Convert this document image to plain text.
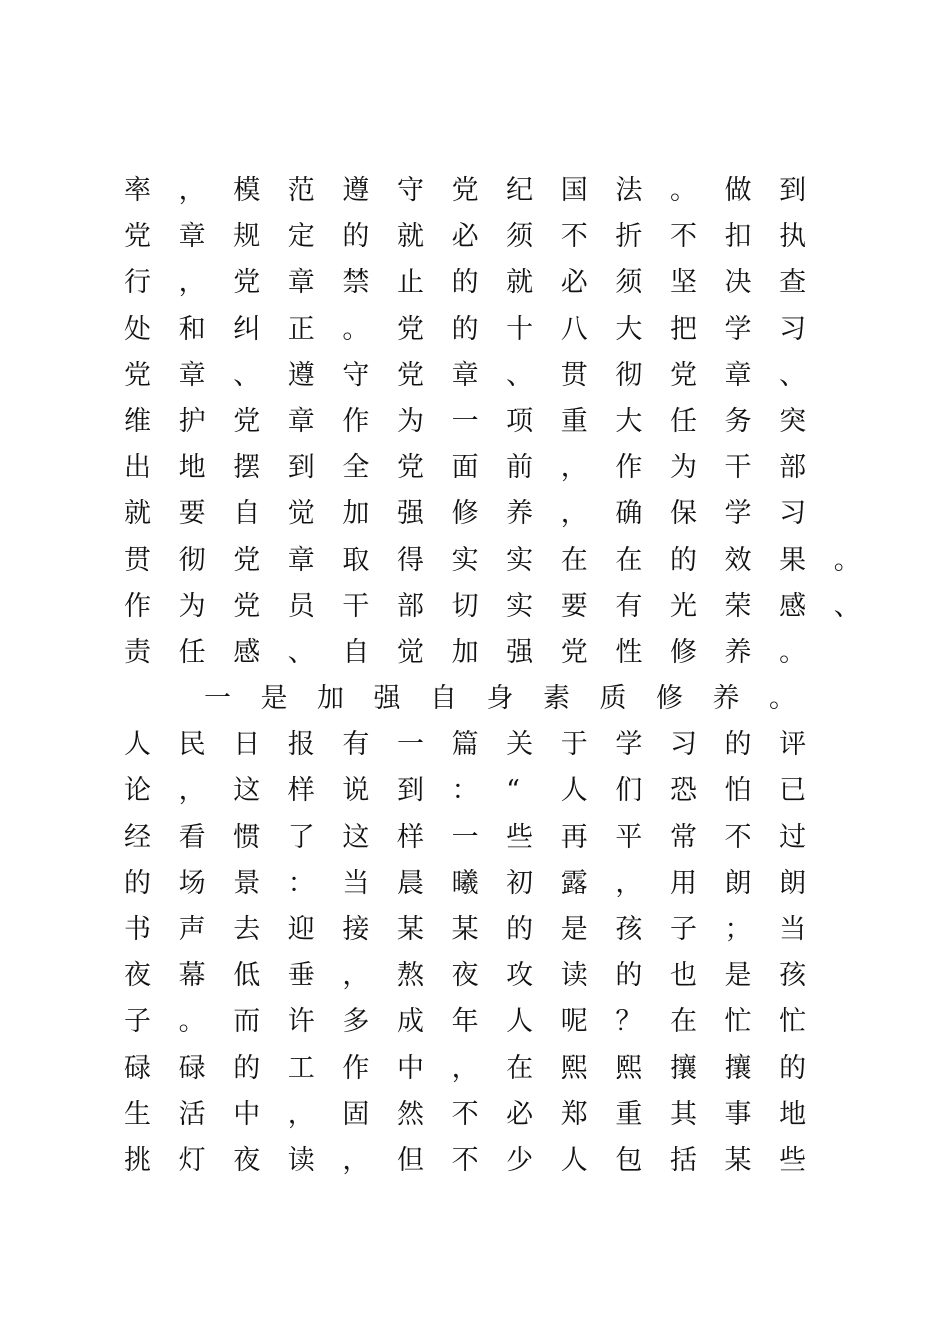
率 ， 模 范 遵 守 党 纪 国 法 。 做 到
党 章 规 定 的 就 必 须 不 折 不 扣 执
行 ， 党 章 禁 止 的 就 必 须 坚 决 查
处 和 纠 正 。 党 的 十 八 大 把 学 习
党 章 、 遵 守 党 章 、 贯 彻 党 章 、
维 护 党 章 作 为 一 项 重 大 任 务 突
出 地 摆 到 全 党 面 前 ， 作 为 干 部
就 要 自 觉 加 强 修 养 ， 确 保 学 习
贯 彻 党 章 取 得 实 实 在 在 的 效 果 。
作 为 党 员 干 部 切 实 要 有 光 荣 感 、
责 任 感 、 自 觉 加 强 党 性 修 养 。
一 是 加 强 自 身 素 质 修 养 。
人 民 日 报 有 一 篇 关 于 学 习 的 评
论 ， 这 样 说 到 ： “ 人 们 恐 怕 已
经 看 惯 了 这 样 一 些 再 平 常 不 过
的 场 景 ： 当 晨 曦 初 露 ， 用 朗 朗
书 声 去 迎 接 某 某 的 是 孩 子 ； 当
夜 幕 低 垂 ， 熬 夜 攻 读 的 也 是 孩
子 。 而 许 多 成 年 人 呢 ？ 在 忙 忙
碌 碌 的 工 作 中 ， 在 熙 熙 攘 攘 的
生 活 中 ， 固 然 不 必 郑 重 其 事 地
挑 灯 夜 读 ， 但 不 少 人 包 括 某 些
